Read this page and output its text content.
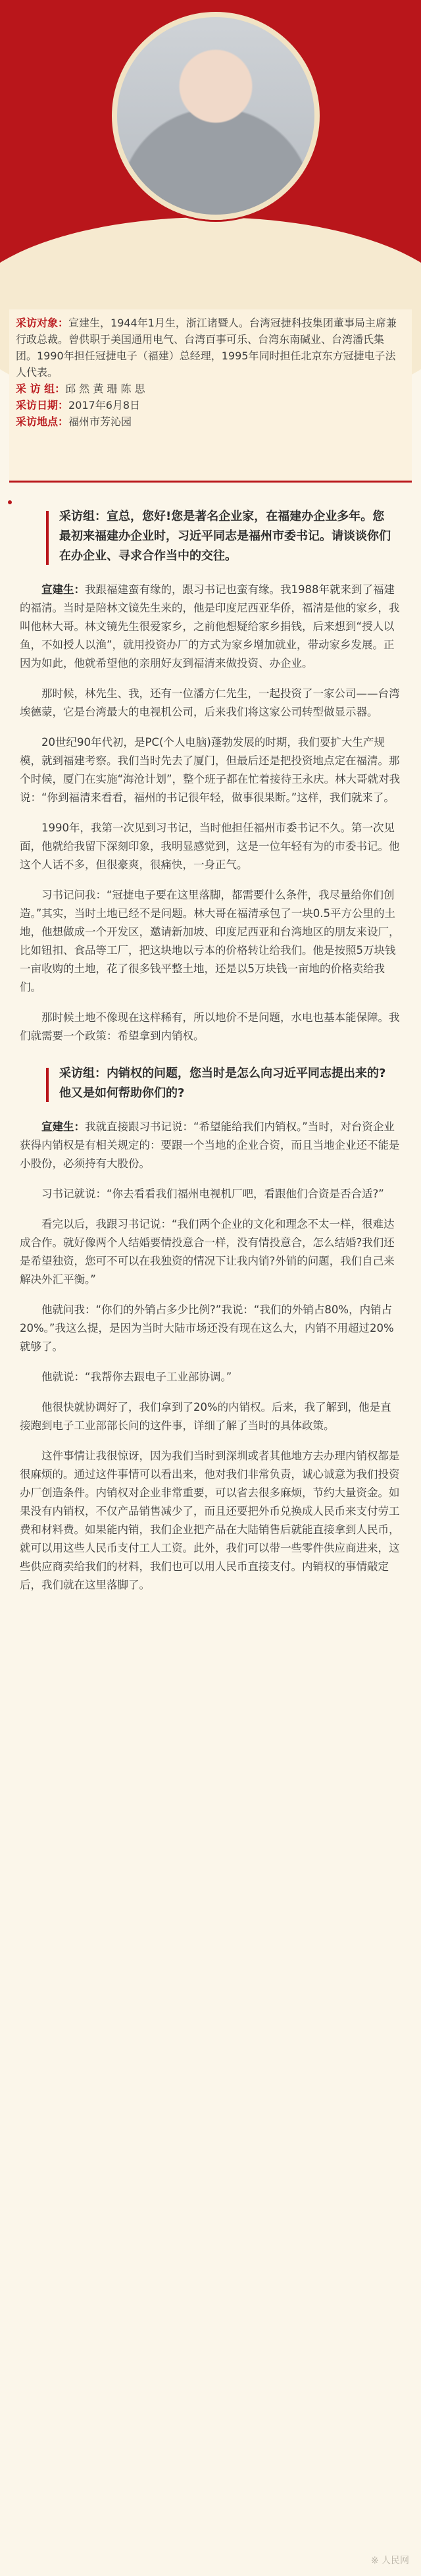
采访对象：宣建生，1944年1月生，浙江诸暨人。台湾冠捷科技集团董事局主席兼行政总裁。曾供职于美国通用电气、台湾百事可乐、台湾东南碱业、台湾潘氏集团。1990年担任冠捷电子（福建）总经理，1995年同时担任北京东方冠捷电子法人代表。
采 访 组：邱 然 黄 珊 陈 思
采访日期：2017年6月8日
采访地点：福州市芳沁园
采访组：宣总，您好!您是著名企业家，在福建办企业多年。您最初来福建办企业时，习近平同志是福州市委书记。请谈谈你们在办企业、寻求合作当中的交往。
宣建生：我跟福建蛮有缘的，跟习书记也蛮有缘。我1988年就来到了福建的福清。当时是陪林文镜先生来的，他是印度尼西亚华侨，福清是他的家乡，我叫他林大哥。林文镜先生很爱家乡，之前他想疑给家乡捐钱，后来想到“授人以鱼，不如授人以渔”，就用投资办厂的方式为家乡增加就业，带动家乡发展。正因为如此，他就希望他的亲朋好友到福清来做投资、办企业。
那时候，林先生、我，还有一位潘方仁先生，一起投资了一家公司——台湾埃德蒙，它是台湾最大的电视机公司，后来我们将这家公司转型做显示器。
20世纪90年代初，是PC(个人电脑)蓬勃发展的时期，我们要扩大生产规模，就到福建考察。我们当时先去了厦门，但最后还是把投资地点定在福清。那个时候，厦门在实施“海沧计划”，整个班子都在忙着接待王永庆。林大哥就对我说：“你到福清来看看，福州的书记很年轻，做事很果断。”这样，我们就来了。
1990年，我第一次见到习书记，当时他担任福州市委书记不久。第一次见面，他就给我留下深刻印象，我明显感觉到，这是一位年轻有为的市委书记。他这个人话不多，但很豪爽，很痛快，一身正气。
习书记问我：“冠捷电子要在这里落脚，都需要什么条件，我尽量给你们创造。”其实，当时土地已经不是问题。林大哥在福清承包了一块0.5平方公里的土地，他想做成一个开发区，邀请新加坡、印度尼西亚和台湾地区的朋友来设厂，比如钮扣、食品等工厂，把这块地以亏本的价格转让给我们。他是按照5万块钱一亩收购的土地，花了很多钱平整土地，还是以5万块钱一亩地的价格卖给我们。
那时候土地不像现在这样稀有，所以地价不是问题，水电也基本能保障。我们就需要一个政策：希望拿到内销权。
采访组：内销权的问题，您当时是怎么向习近平同志提出来的?他又是如何帮助你们的?
宣建生：我就直接跟习书记说：“希望能给我们内销权。”当时，对台资企业获得内销权是有相关规定的：要跟一个当地的企业合资，而且当地企业还不能是小股份，必须持有大股份。
习书记就说：“你去看看我们福州电视机厂吧，看跟他们合资是否合适?”
看完以后，我跟习书记说：“我们两个企业的文化和理念不太一样，很难达成合作。就好像两个人结婚要情投意合一样，没有情投意合，怎么结婚?我们还是希望独资，您可不可以在我独资的情况下让我内销?外销的问题，我们自己来解决外汇平衡。”
他就问我：“你们的外销占多少比例?”我说：“我们的外销占80%，内销占20%。”我这么提，是因为当时大陆市场还没有现在这么大，内销不用超过20%就够了。
他就说：“我帮你去跟电子工业部协调。”
他很快就协调好了，我们拿到了20%的内销权。后来，我了解到，他是直接跑到电子工业部部长问的这件事，详细了解了当时的具体政策。
这件事情让我很惊讶，因为我们当时到深圳或者其他地方去办理内销权都是很麻烦的。通过这件事情可以看出来，他对我们非常负责，诚心诚意为我们投资办厂创造条件。内销权对企业非常重要，可以省去很多麻烦，节约大量资金。如果没有内销权，不仅产品销售减少了，而且还要把外币兑换成人民币来支付劳工费和材料费。如果能内销，我们企业把产品在大陆销售后就能直接拿到人民币，就可以用这些人民币支付工人工资。此外，我们可以带一些零件供应商进来，这些供应商卖给我们的材料，我们也可以用人民币直接支付。内销权的事情敲定后，我们就在这里落脚了。
※ 人民网
